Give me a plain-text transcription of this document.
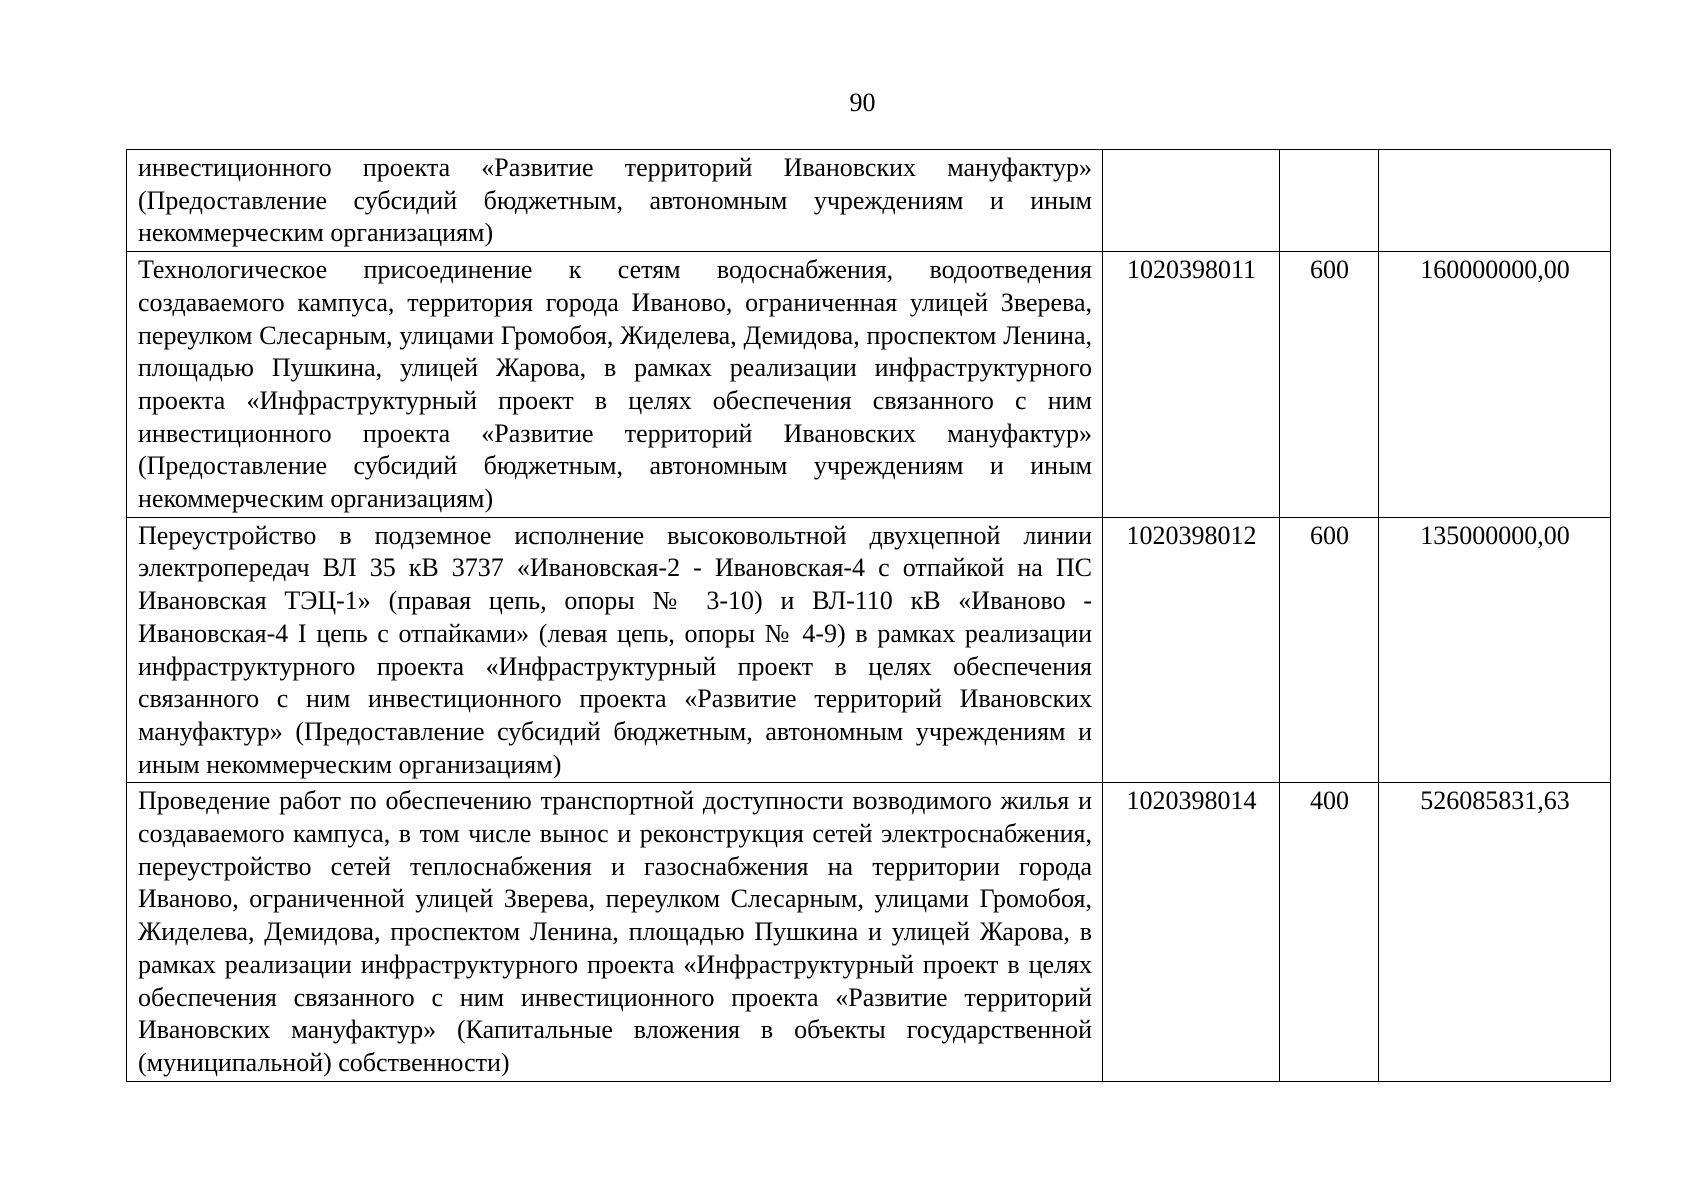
90
инвестиционного проекта «Развитие территорий Ивановских мануфактур» (Предоставление субсидий бюджетным, автономным учреждениям и иным некоммерческим организациям)			
Технологическое присоединение к сетям водоснабжения, водоотведения создаваемого кампуса, территория города Иваново, ограниченная улицей Зверева, переулком Слесарным, улицами Громобоя, Жиделева, Демидова, проспектом Ленина, площадью Пушкина, улицей Жарова, в рамках реализации инфраструктурного проекта «Инфраструктурный проект в целях обеспечения связанного с ним инвестиционного проекта «Развитие территорий Ивановских мануфактур» (Предоставление субсидий бюджетным, автономным учреждениям и иным некоммерческим организациям)	1020398011	600	160000000,00
Переустройство в подземное исполнение высоковольтной двухцепной линии электропередач ВЛ 35 кВ 3737 «Ивановская-2 - Ивановская-4 с отпайкой на ПС Ивановская ТЭЦ-1» (правая цепь, опоры № 3-10) и ВЛ-110 кВ «Иваново - Ивановская-4 I цепь с отпайками» (левая цепь, опоры № 4-9) в рамках реализации инфраструктурного проекта «Инфраструктурный проект в целях обеспечения связанного с ним инвестиционного проекта «Развитие территорий Ивановских мануфактур» (Предоставление субсидий бюджетным, автономным учреждениям и иным некоммерческим организациям)	1020398012	600	135000000,00
Проведение работ по обеспечению транспортной доступности возводимого жилья и создаваемого кампуса, в том числе вынос и реконструкция сетей электроснабжения, переустройство сетей теплоснабжения и газоснабжения на территории города Иваново, ограниченной улицей Зверева, переулком Слесарным, улицами Громобоя, Жиделева, Демидова, проспектом Ленина, площадью Пушкина и улицей Жарова, в рамках реализации инфраструктурного проекта «Инфраструктурный проект в целях обеспечения связанного с ним инвестиционного проекта «Развитие территорий Ивановских мануфактур» (Капитальные вложения в объекты государственной (муниципальной) собственности)	1020398014	400	526085831,63
